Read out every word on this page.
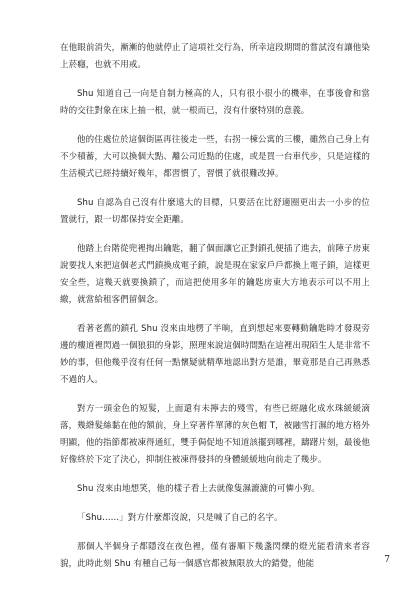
在他眼前消失，漸漸的他就停止了這項社交行為，所幸這段期間的嘗試沒有讓他染上菸癮，也就不用戒。

Shu 知道自己一向是自制力極高的人，只有很小很小的機率，在事後會和當時的交往對象在床上抽一根，就一根而已，沒有什麼特別的意義。

他的住處位於這個街區再往後走一些，右拐一棟公寓的三樓，雖然自己身上有不少積蓄，大可以換個大點、離公司近點的住處，或是買一台車代步，只是這樣的生活模式已經持續好幾年，都習慣了，習慣了就很難改掉。

Shu 自認為自己沒有什麼遠大的目標，只要活在比舒適圈更出去一小步的位置就行，跟一切都保持安全距離。

他踏上台階從兜裡掏出鑰匙，翻了個面讓它正對鎖孔便插了進去，前陣子房東說要找人來把這個老式門鎖換成電子鎖，說是現在家家戶戶都換上電子鎖，這樣更安全些，這幾天就要換鎖了，而這把使用多年的鑰匙房東大方地表示可以不用上繳，就當給租客們留個念。

看著老舊的鎖孔 Shu 沒來由地楞了半晌，直到想起來要轉動鑰匙時才發現旁邊的樓道裡閃過一個狼狽的身影，照理來說這個時間點在這裡出現陌生人是非常不妙的事，但他幾乎沒有任何一點懷疑就精準地認出對方是誰，畢竟那是自己再熟悉不過的人。

對方一頭金色的短髮，上面還有未擰去的殘雪，有些已經融化成水珠緩緩滴落，幾綹髮絲黏在他的額前，身上穿著件單薄的灰色帽 T，被融雪打濕的地方格外明顯，他的指節都被凍得通紅，雙手侷促地不知道該擺到哪裡，躊躇片刻，最後他好像終於下定了決心，抑制住被凍得發抖的身體緩緩地向前走了幾步。

Shu 沒來由地想笑，他的樣子看上去就像隻濕漉漉的可憐小狗。

「Shu……」對方什麼都沒說，只是喊了自己的名字。

那個人半個身子都隱沒在夜色裡，僅有審順下幾盞閃爍的燈光能看清來者容貌，此時此刻 Shu 有種自己每一個感官都被無限放大的錯覺，他能	7
